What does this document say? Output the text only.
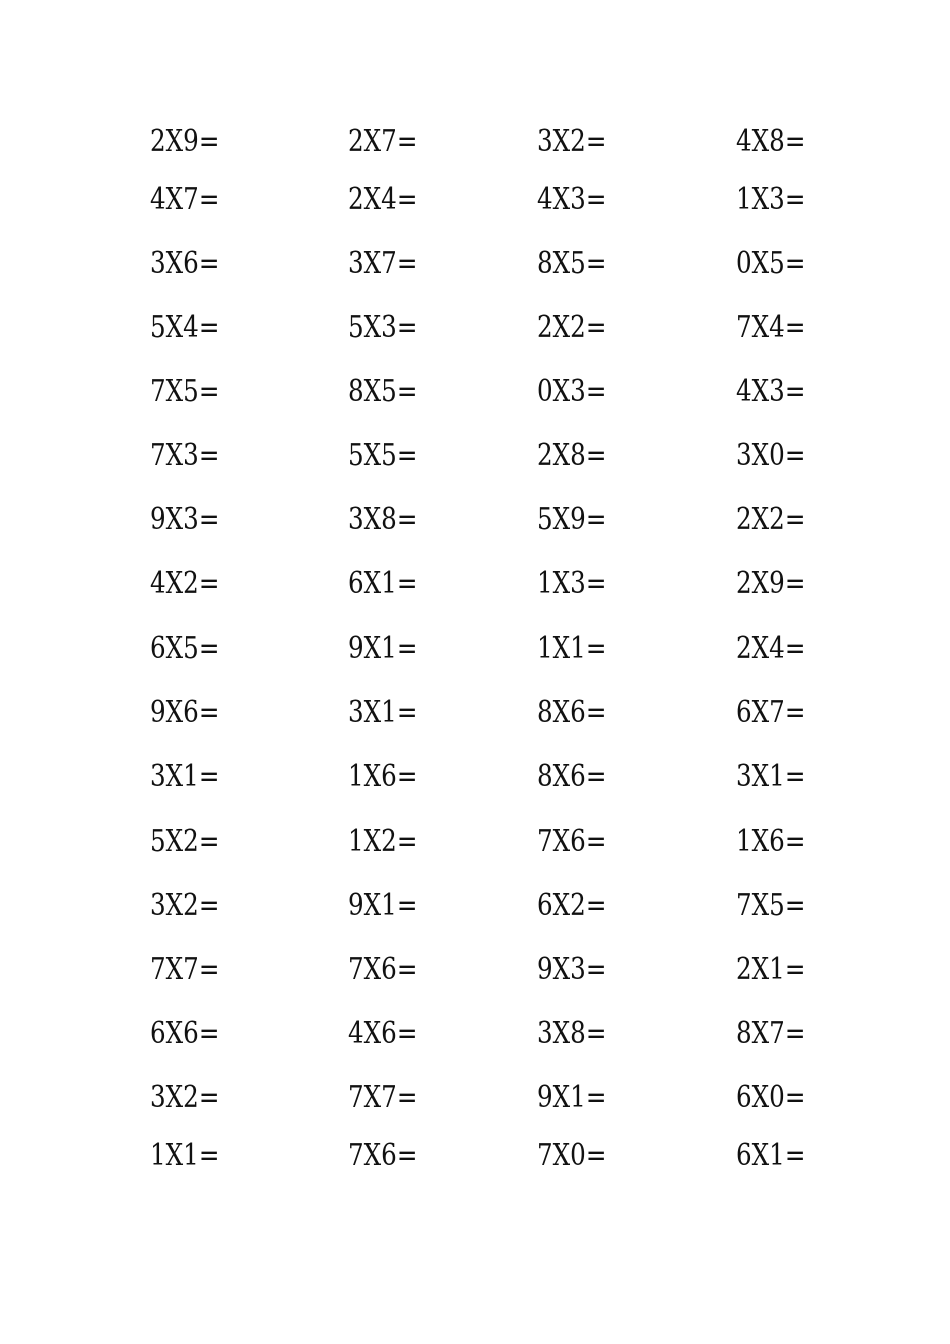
2X9=	2X7=	3X2=	4X8=
4X7=	2X4=	4X3=	1X3=
3X6=	3X7=	8X5=	0X5=
5X4=	5X3=	2X2=	7X4=
7X5=	8X5=	0X3=	4X3=
7X3=	5X5=	2X8=	3X0=
9X3=	3X8=	5X9=	2X2=
4X2=	6X1=	1X3=	2X9=
6X5=	9X1=	1X1=	2X4=
9X6=	3X1=	8X6=	6X7=
3X1=	1X6=	8X6=	3X1=
5X2=	1X2=	7X6=	1X6=
3X2=	9X1=	6X2=	7X5=
7X7=	7X6=	9X3=	2X1=
6X6=	4X6=	3X8=	8X7=
3X2=	7X7=	9X1=	6X0=
1X1=	7X6=	7X0=	6X1=
